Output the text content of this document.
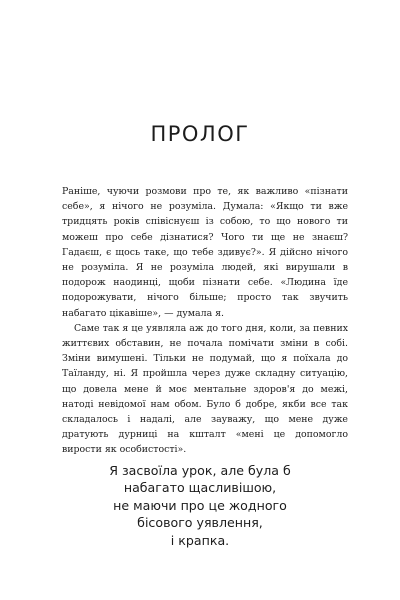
ПРОЛОГ

Раніше, чуючи розмови про те, як важливо «пізнати себе», я нічого не розуміла. Думала: «Якщо ти вже тридцять років співіснуєш із собою, то що нового ти можеш про себе дізнатися? Чого ти ще не знаєш? Гадаєш, є щось таке, що тебе здивує?». Я дійсно нічого не розуміла. Я не розуміла людей, які вирушали в подорож наодинці, щоби пізнати себе. «Людина їде подорожувати, нічого більше; просто так звучить набагато цікавіше», — думала я.

Саме так я це уявляла аж до того дня, коли, за певних життєвих обставин, не почала помічати зміни в собі. Зміни вимушені. Тільки не подумай, що я поїхала до Таїланду, ні. Я пройшла через дуже складну ситуацію, що довела мене й моє ментальне здоров'я до межі, натоді невідомої нам обом. Було б добре, якби все так складалось і надалі, але зауважу, що мене дуже дратують дурниці на кшталт «мені це допомогло вирости як особистості».

Я засвоїла урок, але була б
набагато щасливішою,
не маючи про це жодного
бісового уявлення,
і крапка.
